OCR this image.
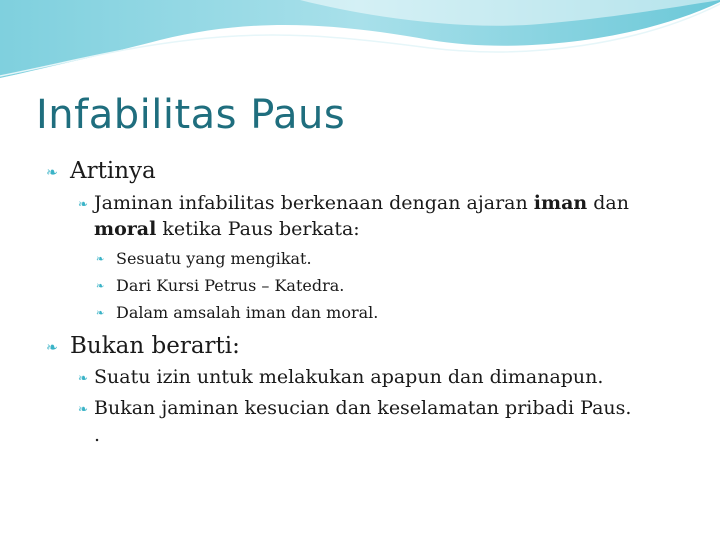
Infabilitas Paus
❧ Artinya
❧ Jaminan infabilitas berkenaan dengan ajaran iman dan
moral ketika Paus berkata:
❧ Sesuatu yang mengikat.
❧ Dari Kursi Petrus – Katedra.
❧ Dalam amsalah iman dan moral.
❧ Bukan berarti:
❧ Suatu izin untuk melakukan apapun dan dimanapun.
❧ Bukan jaminan kesucian dan keselamatan pribadi Paus.
.
